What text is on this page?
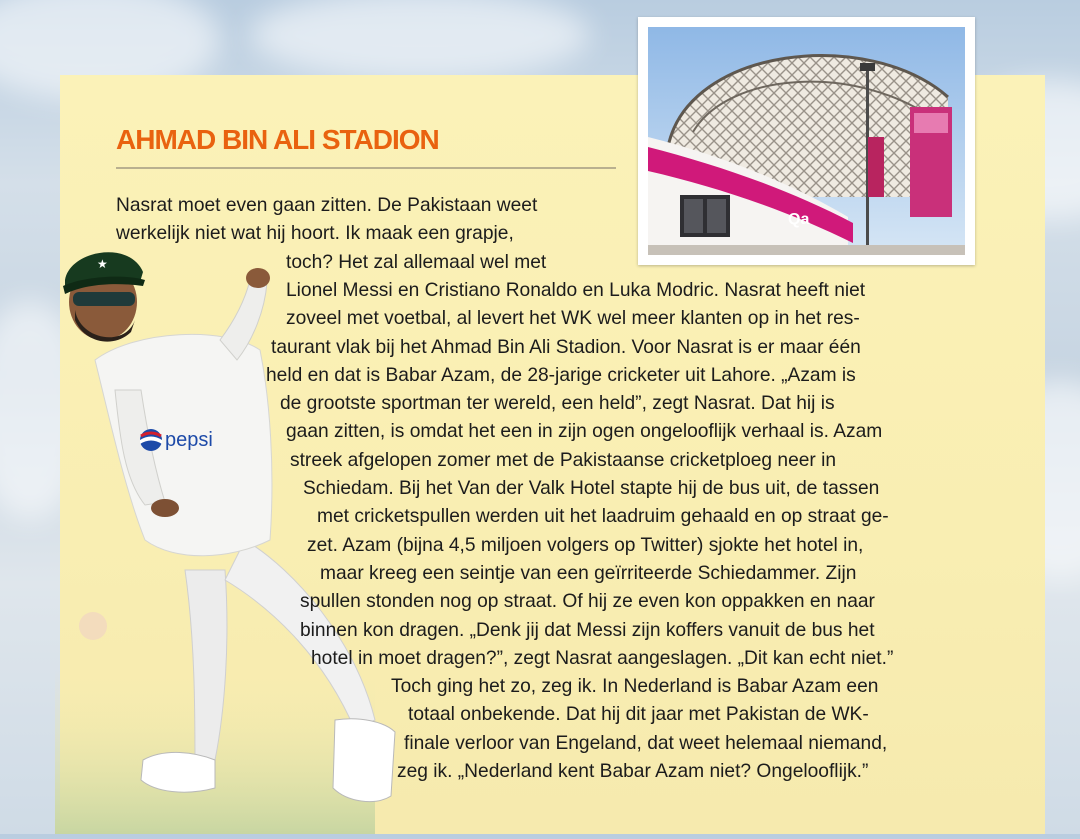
AHMAD BIN ALI STADION
Qa
pepsi
★
Nasrat moet even gaan zitten. De Pakistaan weet
werkelijk niet wat hij hoort. Ik maak een grapje,
toch? Het zal allemaal wel met
Lionel Messi en Cristiano Ronaldo en Luka Modric. Nasrat heeft niet
zoveel met voetbal, al levert het WK wel meer klanten op in het res-
taurant vlak bij het Ahmad Bin Ali Stadion. Voor Nasrat is er maar één
held en dat is Babar Azam, de 28-jarige cricketer uit Lahore. „Azam is
de grootste sportman ter wereld, een held”, zegt Nasrat. Dat hij is
gaan zitten, is omdat het een in zijn ogen ongelooflijk verhaal is. Azam
streek afgelopen zomer met de Pakistaanse cricketploeg neer in
Schiedam. Bij het Van der Valk Hotel stapte hij de bus uit, de tassen
met cricketspullen werden uit het laadruim gehaald en op straat ge-
zet. Azam (bijna 4,5 miljoen volgers op Twitter) sjokte het hotel in,
maar kreeg een seintje van een geïrriteerde Schiedammer. Zijn
spullen stonden nog op straat. Of hij ze even kon oppakken en naar
binnen kon dragen. „Denk jij dat Messi zijn koffers vanuit de bus het
hotel in moet dragen?”, zegt Nasrat aangeslagen. „Dit kan echt niet.”
Toch ging het zo, zeg ik. In Nederland is Babar Azam een
totaal onbekende. Dat hij dit jaar met Pakistan de WK-
finale verloor van Engeland, dat weet helemaal niemand,
zeg ik. „Nederland kent Babar Azam niet? Ongelooflijk.”
